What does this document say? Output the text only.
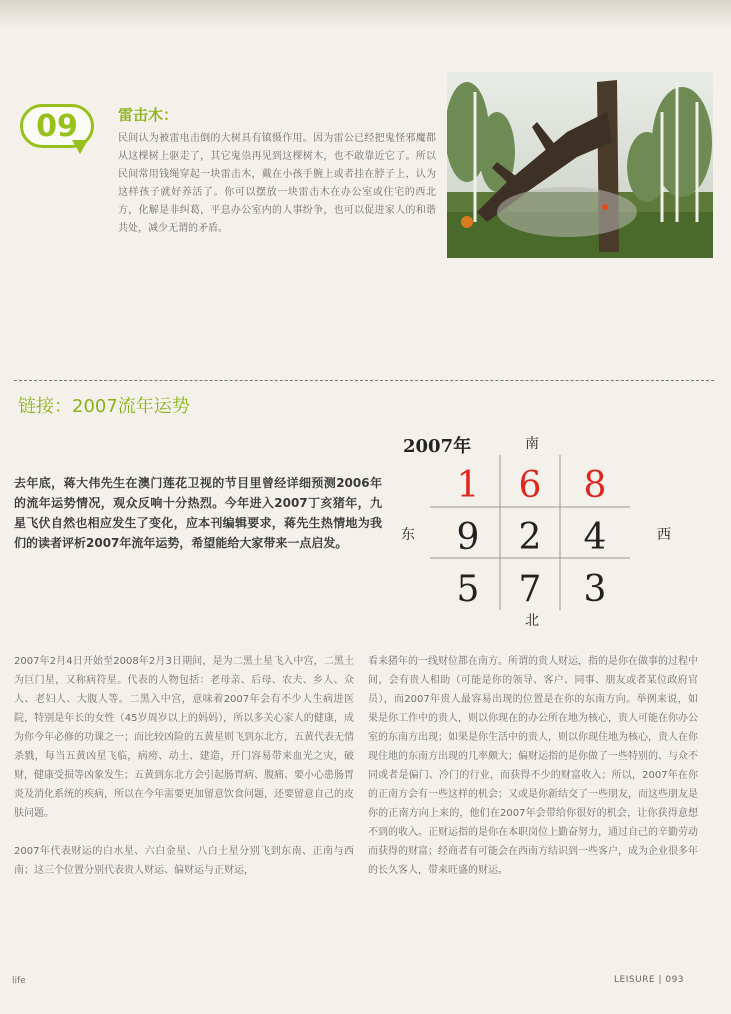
09	雷击木：
民间认为被雷电击倒的大树具有镇慑作用。因为雷公已经把鬼怪邪魔都从这棵树上驱走了，其它鬼祟再见到这棵树木，也不敢靠近它了。所以民间常用钱绳穿起一块雷击木，戴在小孩手腕上或者挂在脖子上，认为这样孩子就好养活了。你可以摆放一块雷击木在办公室或住宅的西北方，化解是非纠葛，平息办公室内的人事纷争，也可以促进家人的和谐共处，减少无谓的矛盾。
链接：2007流年运势
去年底，蒋大伟先生在澳门莲花卫视的节目里曾经详细预测2006年的流年运势情况，观众反响十分热烈。今年进入2007丁亥猪年，九星飞伏自然也相应发生了变化，应本刊编辑要求，蒋先生热情地为我们的读者评析2007年流年运势，希望能给大家带来一点启发。
2007年	南
北
东	西
1 6 8
9 2 4
5 7 3

2007年2月4日开始至2008年2月3日期间，是为二黑土星飞入中宫，二黑土为巨门星，又称病符星。代表的人物包括：老母亲、后母、农夫、乡人、众人、老妇人、大腹人等。二黑入中宫，意味着2007年会有不少人生病进医院，特别是年长的女性（45岁周岁以上的妈妈），所以多关心家人的健康，成为你今年必修的功课之一；而比较凶险的五黄星则飞到东北方，五黄代表无情杀戮，每当五黄凶星飞临，病痨、动土、建造，开门容易带来血光之灾，破财，健康受损等凶象发生；五黄到东北方会引起肠胃病、腹痛、要小心患肠胃炎及消化系统的疾病，所以在今年需要更加留意饮食问题，还要留意自己的皮肤问题。

2007年代表财运的白水星、六白金星、八白土星分别飞到东南、正南与西南；这三个位置分别代表贵人财运、偏财运与正财运，

看来猪年的一线财位都在南方。所谓的贵人财运，指的是你在做事的过程中间，会有贵人相助（可能是你的领导、客户、同事、朋友或者某位政府官员），而2007年贵人最容易出现的位置是在你的东南方向。举例来说，如果是你工作中的贵人，则以你现在的办公所在地为核心，贵人可能在你办公室的东南方出现；如果是你生活中的贵人，则以你现住地为核心，贵人在你现住地的东南方出现的几率颇大；偏财运指的是你做了一些特别的、与众不同或者是偏门、冷门的行业，而获得不少的财富收入；所以，2007年在你的正南方会有一些这样的机会；又或是你新结交了一些朋友，而这些朋友是你的正南方向上来的，他们在2007年会带给你很好的机会，让你获得意想不到的收入。正财运指的是你在本职岗位上勤奋努力，通过自己的辛勤劳动而获得的财富；经商者有可能会在西南方结识到一些客户，成为企业很多年的长久客人，带来旺盛的财运。

life	LEISURE | 093
